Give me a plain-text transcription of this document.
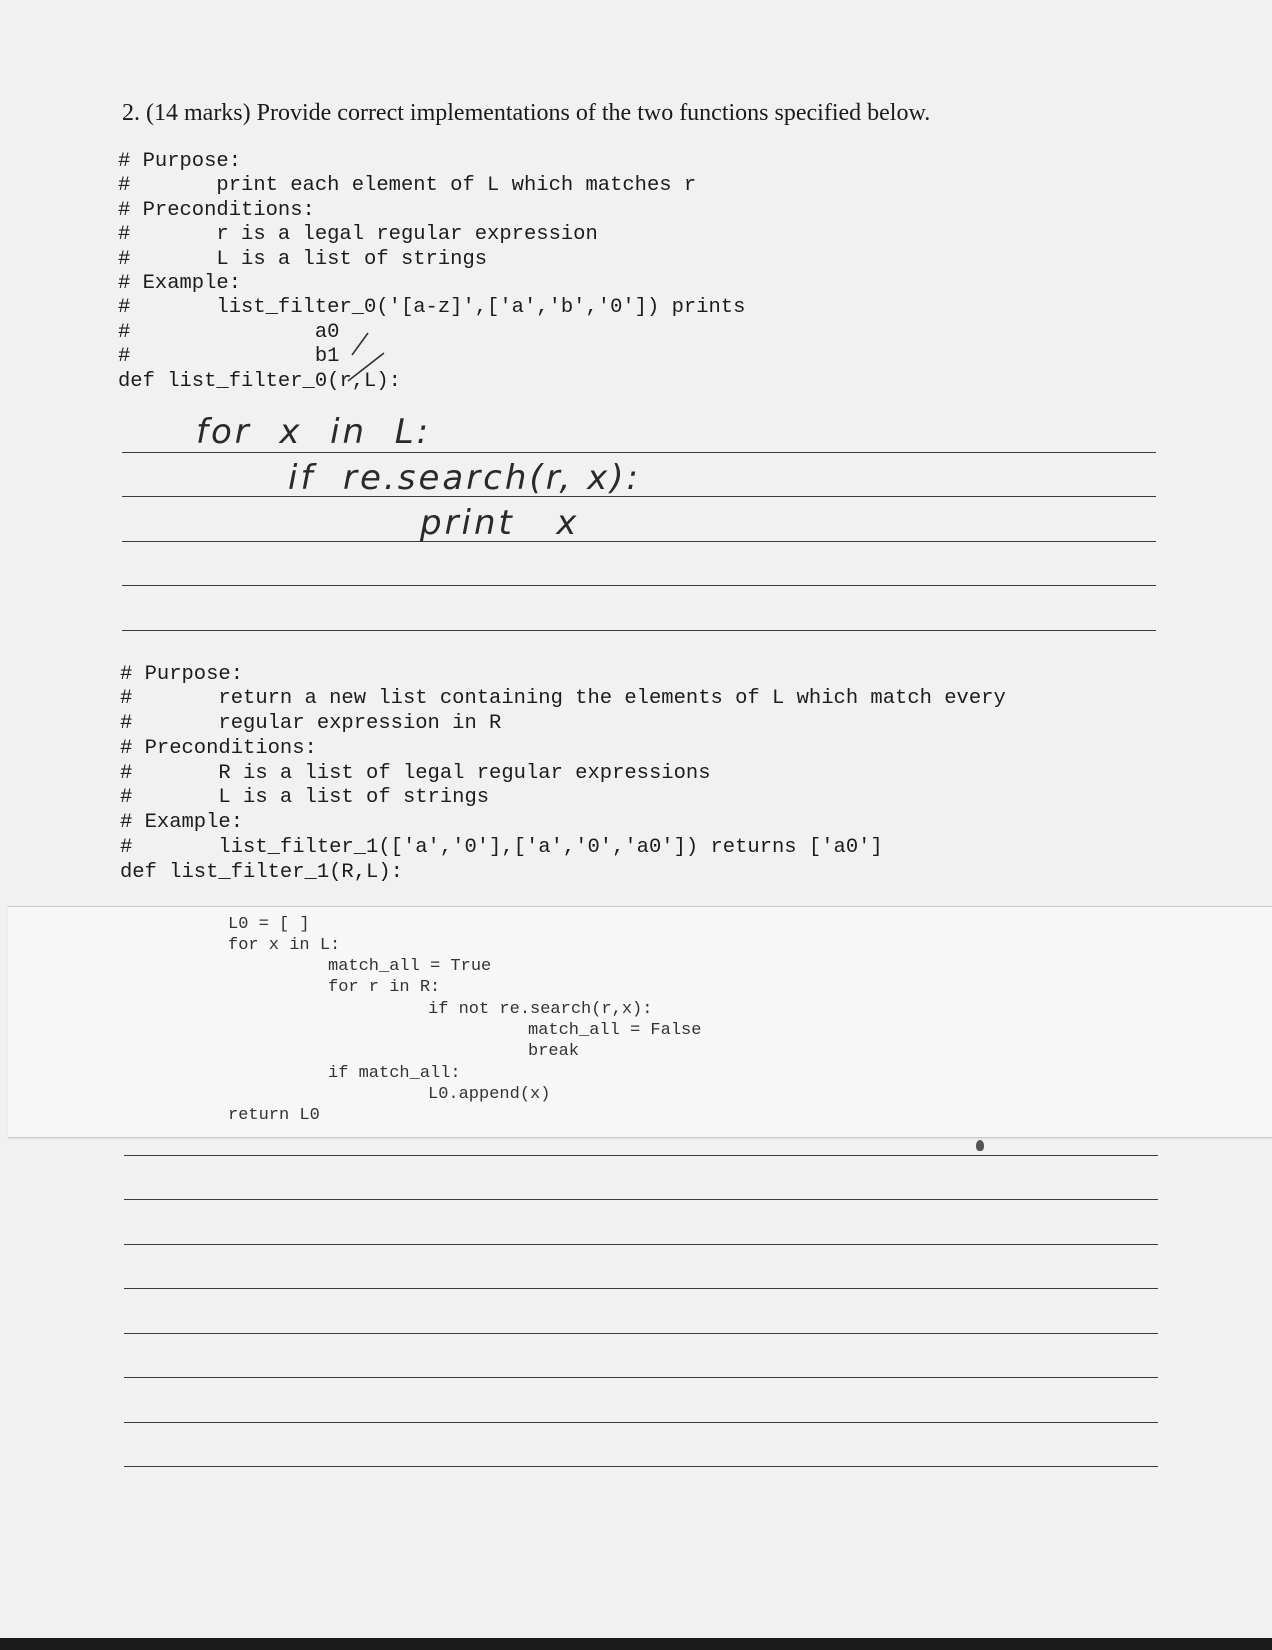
2. (14 marks) Provide correct implementations of the two functions specified below.
# Purpose:
#       print each element of L which matches r
# Preconditions:
#       r is a legal regular expression
#       L is a list of strings
# Example:
#       list_filter_0('[a-z]',['a','b','0']) prints
#               a0
#               b1
def list_filter_0(r,L):
for  x  in  L:
if  re.search(r, x):
print   x
# Purpose:
#       return a new list containing the elements of L which match every
#       regular expression in R
# Preconditions:
#       R is a list of legal regular expressions
#       L is a list of strings
# Example:
#       list_filter_1(['a','0'],['a','0','a0']) returns ['a0']
def list_filter_1(R,L):
L0 = [ ]
for x in L:
match_all = True
for r in R:
if not re.search(r,x):
match_all = False
break
if match_all:
L0.append(x)
return L0
